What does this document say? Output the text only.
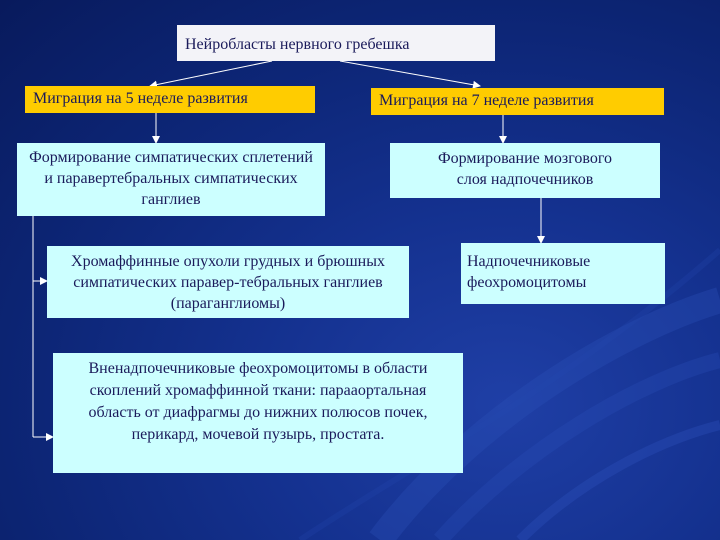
Нейробласты нервного гребешка
Миграция на 5 неделе развития	Миграция на 7 неделе развития
Формирование симпатических сплетений и паравертебральных симпатических ганглиев
Формирование мозгового слоя надпочечников
Хромаффинные опухоли грудных и брюшных симпатических паравер-тебральных ганглиев (параганглиомы)
Надпочечниковые феохромоцитомы
Вненадпочечниковые феохромоцитомы в области скоплений хромаффинной ткани: парааортальная область от диафрагмы до нижних полюсов почек, перикард, мочевой пузырь, простата.
